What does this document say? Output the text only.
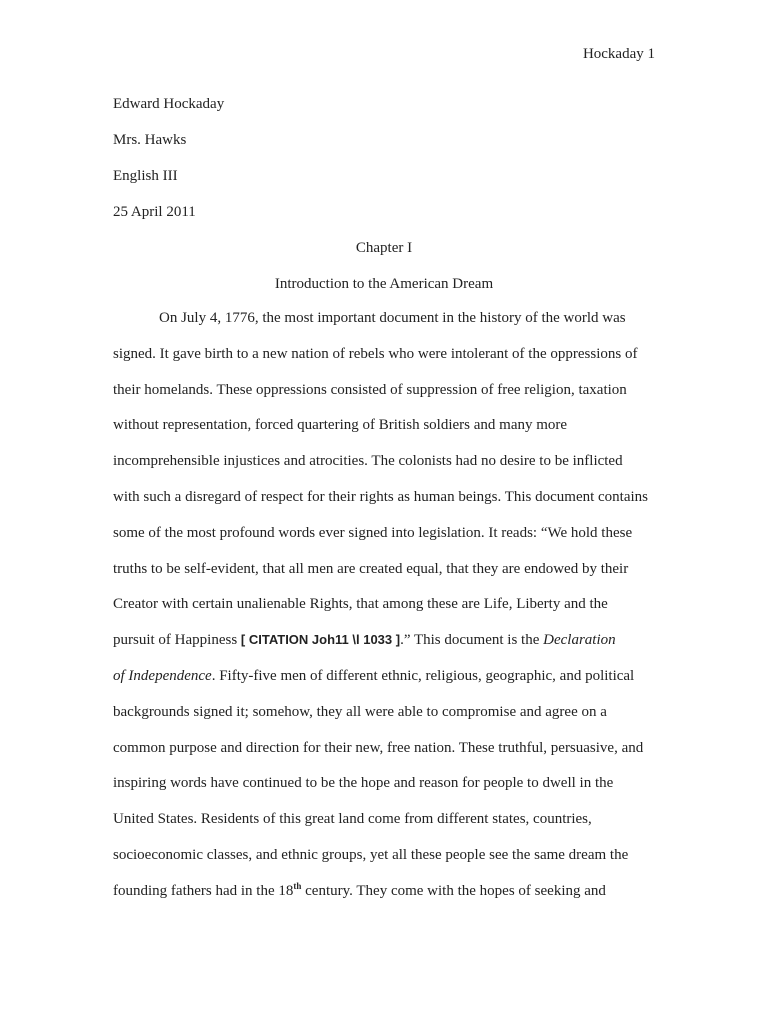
Hockaday 1
Edward Hockaday
Mrs. Hawks
English III
25 April 2011
Chapter I
Introduction to the American Dream
On July 4, 1776, the most important document in the history of the world was
signed. It gave birth to a new nation of rebels who were intolerant of the oppressions of
their homelands. These oppressions consisted of suppression of free religion, taxation
without representation, forced quartering of British soldiers and many more
incomprehensible injustices and atrocities. The colonists had no desire to be inflicted
with such a disregard of respect for their rights as human beings. This document contains
some of the most profound words ever signed into legislation. It reads: “We hold these
truths to be self-evident, that all men are created equal, that they are endowed by their
Creator with certain unalienable Rights, that among these are Life, Liberty and the
pursuit of Happiness [ CITATION Joh11 \l 1033 ].” This document is the Declaration
of Independence. Fifty-five men of different ethnic, religious, geographic, and political
backgrounds signed it; somehow, they all were able to compromise and agree on a
common purpose and direction for their new, free nation. These truthful, persuasive, and
inspiring words have continued to be the hope and reason for people to dwell in the
United States. Residents of this great land come from different states, countries,
socioeconomic classes, and ethnic groups, yet all these people see the same dream the
founding fathers had in the 18th century. They come with the hopes of seeking and
